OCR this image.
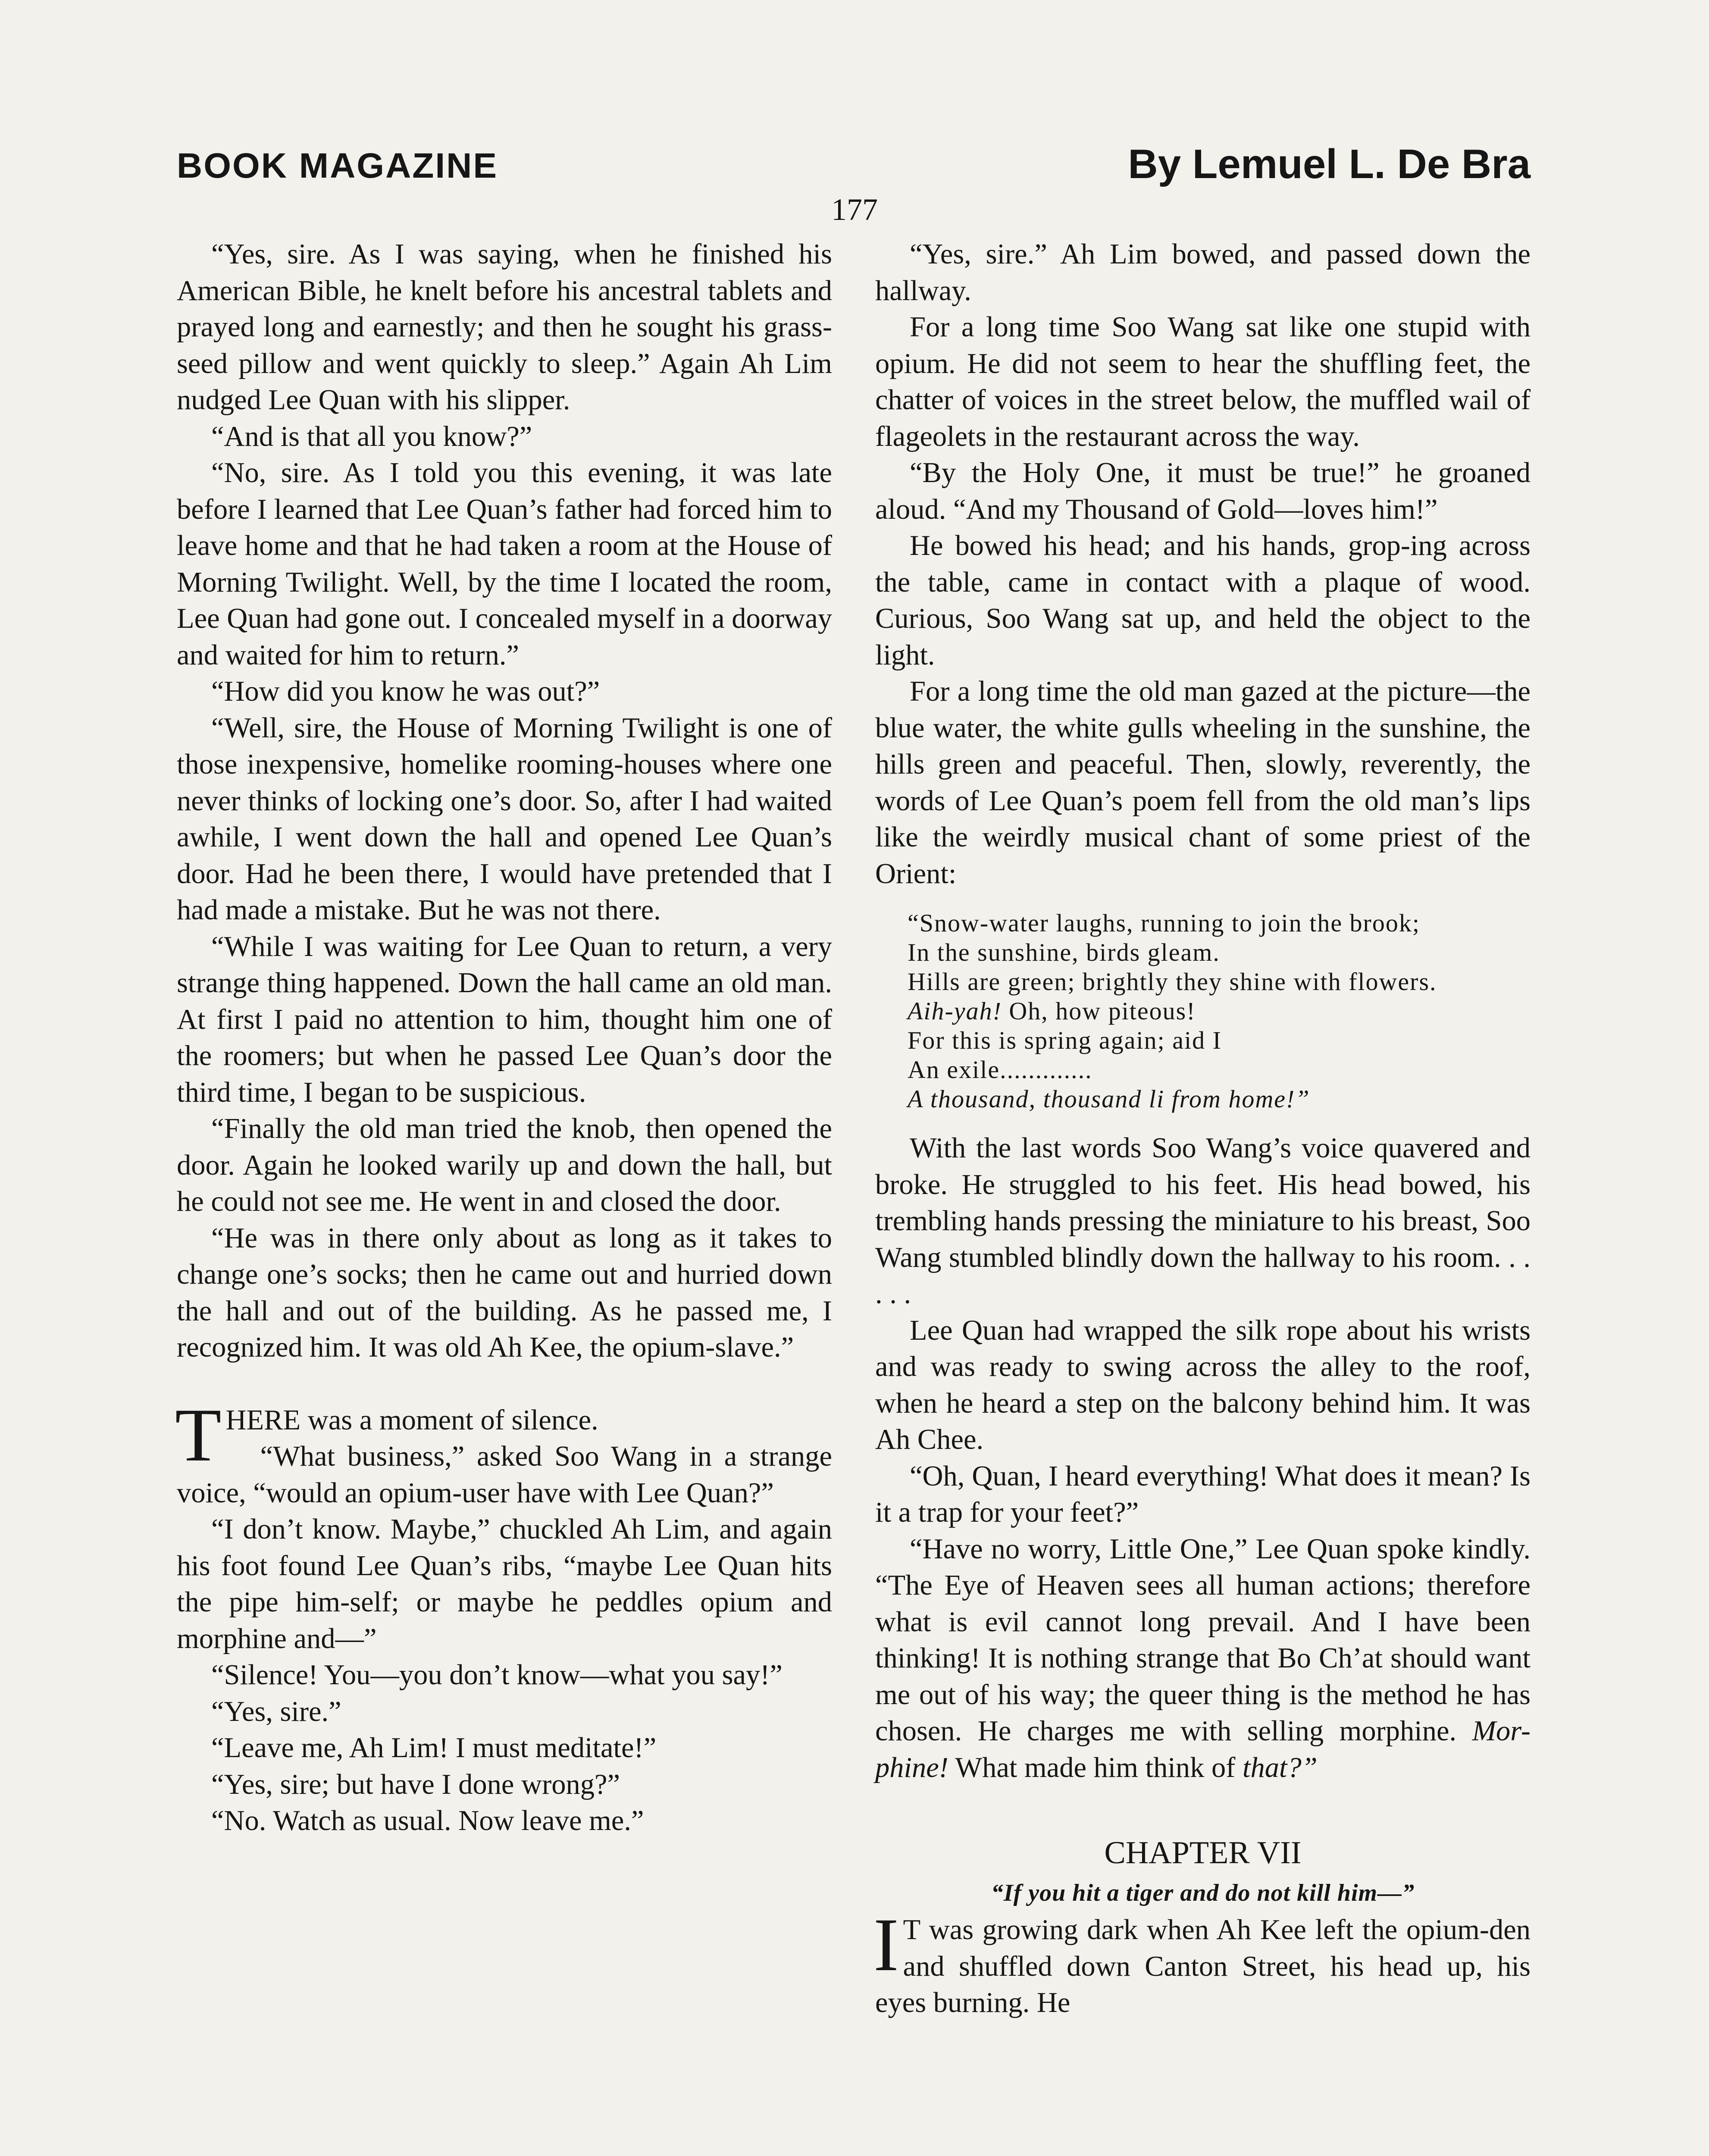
BOOK MAGAZINE	By Lemuel L. De Bra
177

“Yes, sire. As I was saying, when he finished his American Bible, he knelt before his ancestral tablets and prayed long and earnestly; and then he sought his grass-seed pillow and went quickly to sleep.” Again Ah Lim nudged Lee Quan with his slipper.

“And is that all you know?”

“No, sire. As I told you this evening, it was late before I learned that Lee Quan’s father had forced him to leave home and that he had taken a room at the House of Morning Twilight. Well, by the time I located the room, Lee Quan had gone out. I concealed myself in a doorway and waited for him to return.”

“How did you know he was out?”

“Well, sire, the House of Morning Twilight is one of those inexpensive, homelike rooming-houses where one never thinks of locking one’s door. So, after I had waited awhile, I went down the hall and opened Lee Quan’s door. Had he been there, I would have pretended that I had made a mistake. But he was not there.

“While I was waiting for Lee Quan to return, a very strange thing happened. Down the hall came an old man. At first I paid no attention to him, thought him one of the roomers; but when he passed Lee Quan’s door the third time, I began to be suspicious.

“Finally the old man tried the knob, then opened the door. Again he looked warily up and down the hall, but he could not see me. He went in and closed the door.

“He was in there only about as long as it takes to change one’s socks; then he came out and hurried down the hall and out of the building. As he passed me, I recognized him. It was old Ah Kee, the opium-slave.”

THERE was a moment of silence.

“What business,” asked Soo Wang in a strange voice, “would an opium-user have with Lee Quan?”

“I don’t know. Maybe,” chuckled Ah Lim, and again his foot found Lee Quan’s ribs, “maybe Lee Quan hits the pipe him-self; or maybe he peddles opium and morphine and—”

“Silence! You—you don’t know—what you say!”

“Yes, sire.”

“Leave me, Ah Lim! I must meditate!”

“Yes, sire; but have I done wrong?”

“No. Watch as usual. Now leave me.”

“Yes, sire.” Ah Lim bowed, and passed down the hallway.

For a long time Soo Wang sat like one stupid with opium. He did not seem to hear the shuffling feet, the chatter of voices in the street below, the muffled wail of flageolets in the restaurant across the way.

“By the Holy One, it must be true!” he groaned aloud. “And my Thousand of Gold—loves him!”

He bowed his head; and his hands, grop-ing across the table, came in contact with a plaque of wood. Curious, Soo Wang sat up, and held the object to the light.

For a long time the old man gazed at the picture—the blue water, the white gulls wheeling in the sunshine, the hills green and peaceful. Then, slowly, reverently, the words of Lee Quan’s poem fell from the old man’s lips like the weirdly musical chant of some priest of the Orient:

“Snow-water laughs, running to join the brook;
In the sunshine, birds gleam.
Hills are green; brightly they shine with flowers.
Aih-yah! Oh, how piteous!
For this is spring again; aid I
An exile.............
A thousand, thousand li from home!”

With the last words Soo Wang’s voice quavered and broke. He struggled to his feet. His head bowed, his trembling hands pressing the miniature to his breast, Soo Wang stumbled blindly down the hallway to his room. . . . . .

Lee Quan had wrapped the silk rope about his wrists and was ready to swing across the alley to the roof, when he heard a step on the balcony behind him. It was Ah Chee.

“Oh, Quan, I heard everything! What does it mean? Is it a trap for your feet?”

“Have no worry, Little One,” Lee Quan spoke kindly. “The Eye of Heaven sees all human actions; therefore what is evil cannot long prevail. And I have been thinking! It is nothing strange that Bo Ch’at should want me out of his way; the queer thing is the method he has chosen. He charges me with selling morphine. Mor-phine! What made him think of that?”

CHAPTER VII
“If you hit a tiger and do not kill him—”

I T was growing dark when Ah Kee left the opium-den and shuffled down Canton Street, his head up, his eyes burning. He
